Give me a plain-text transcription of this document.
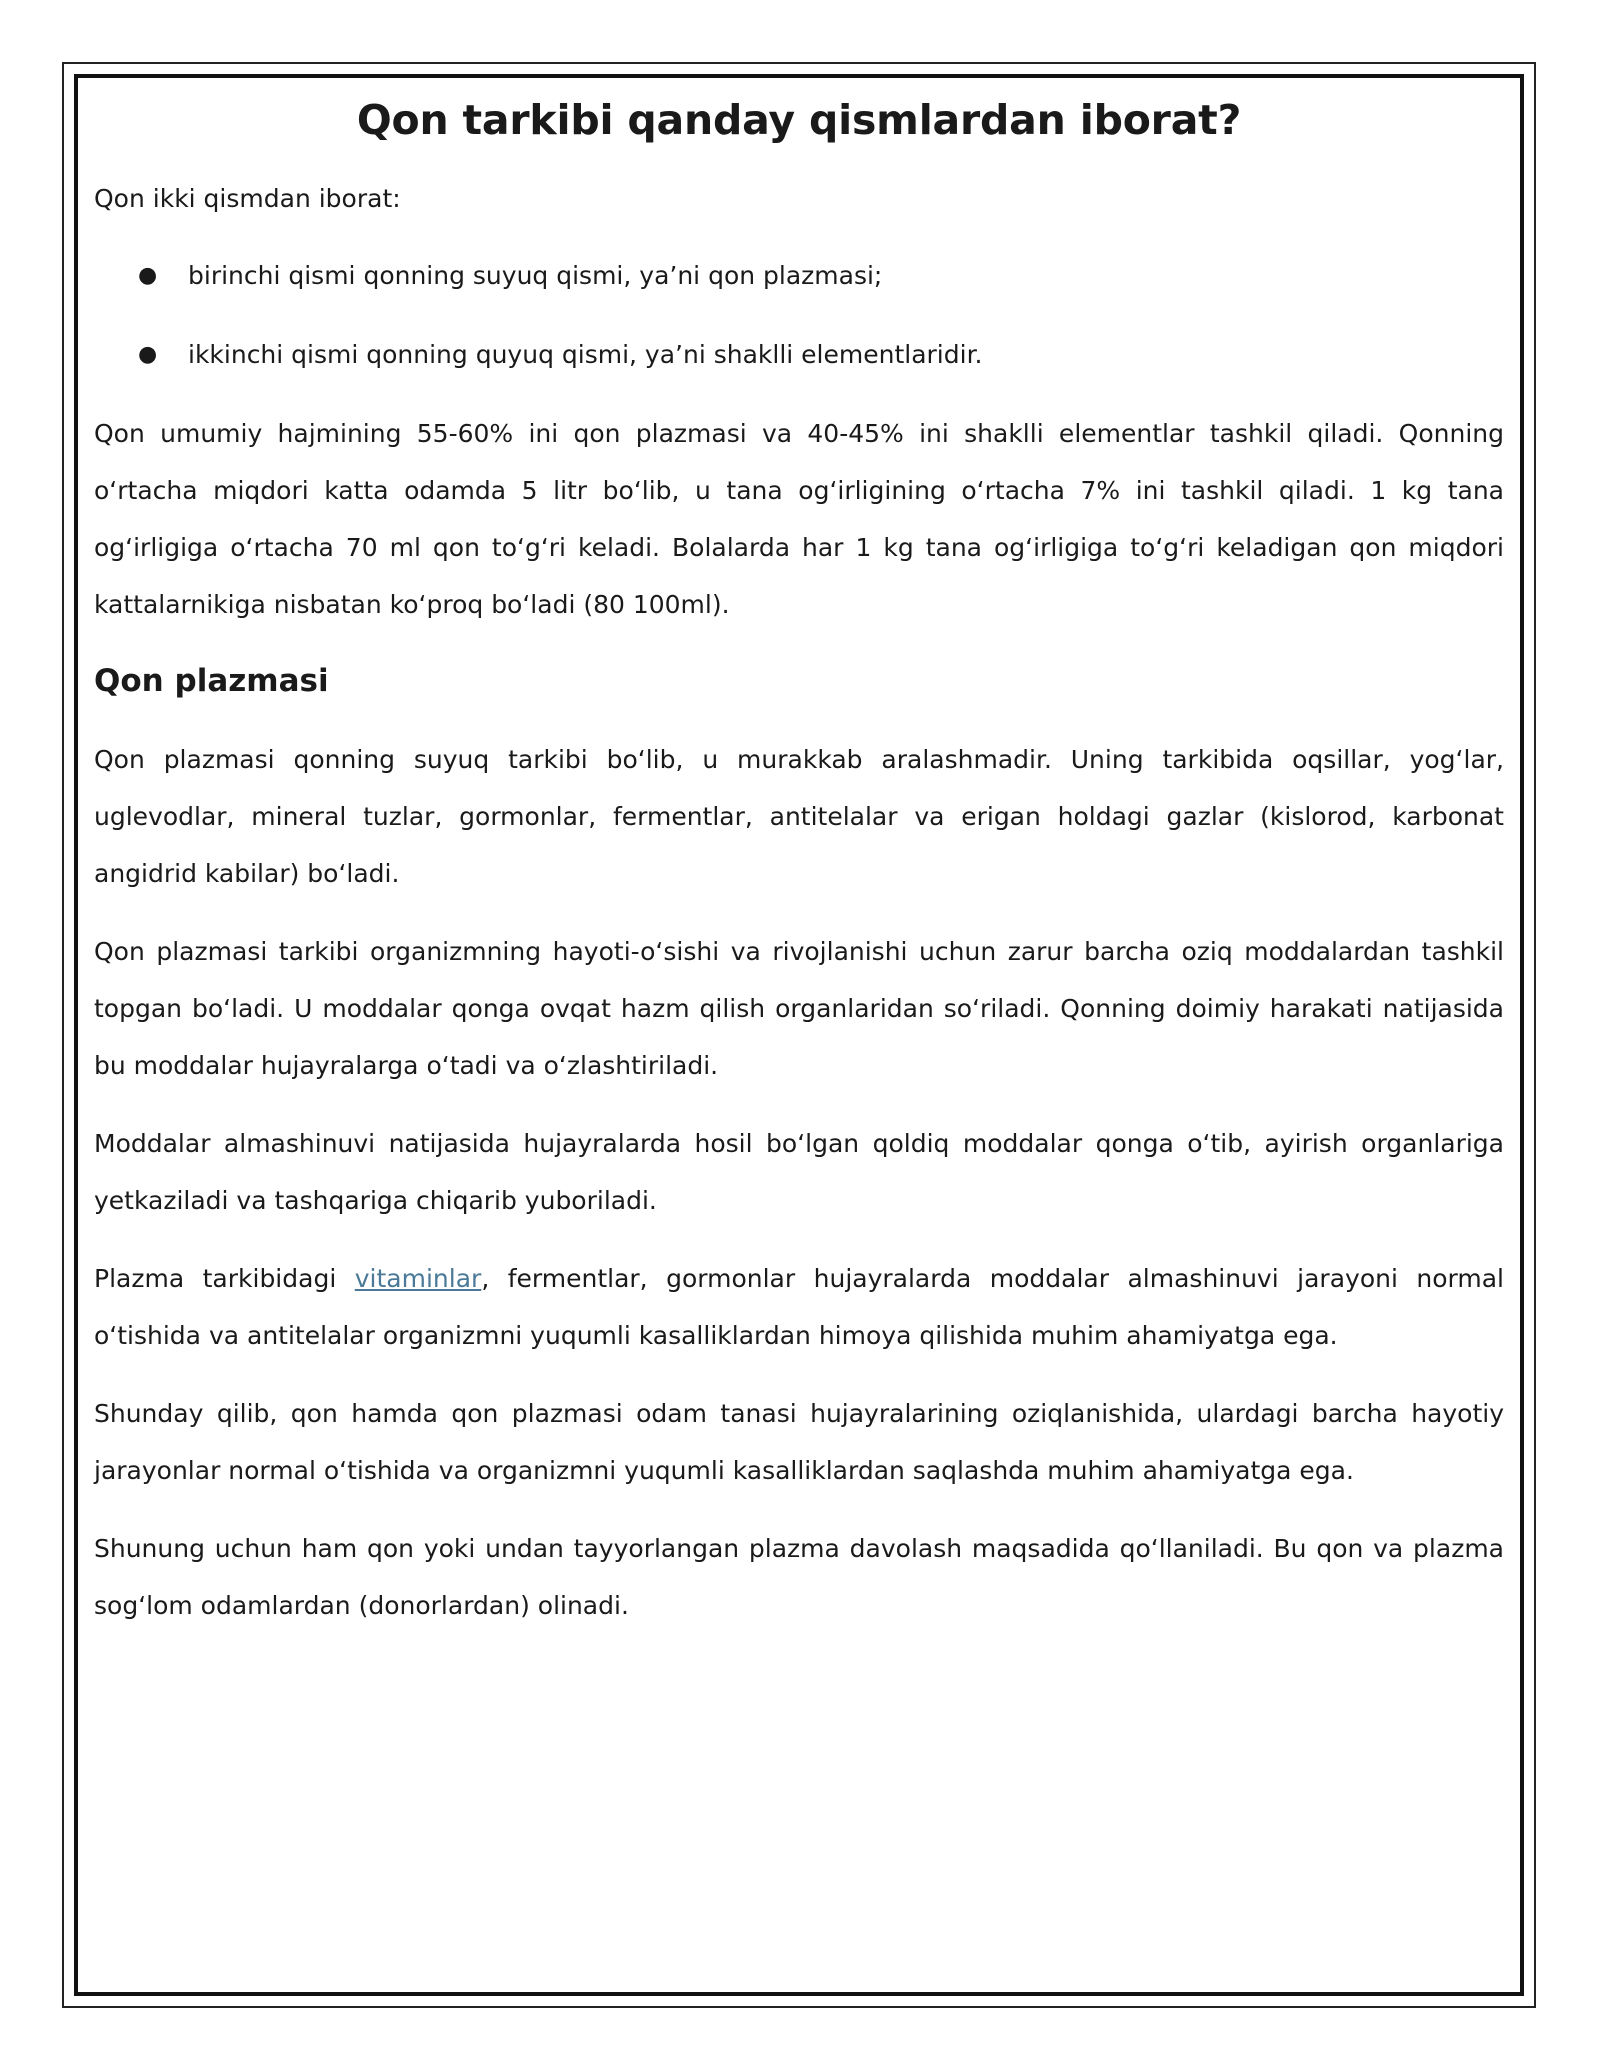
Qon tarkibi qanday qismlardan iborat?

Qon ikki qismdan iborat:

● birinchi qismi qonning suyuq qismi, ya’ni qon plazmasi;
● ikkinchi qismi qonning quyuq qismi, ya’ni shaklli elementlaridir.

Qon umumiy hajmining 55-60% ini qon plazmasi va 40-45% ini shaklli elementlar tashkil qiladi. Qonning o‘rtacha miqdori katta odamda 5 litr bo‘lib, u tana og‘irligining o‘rtacha 7% ini tashkil qiladi. 1 kg tana og‘irligiga o‘rtacha 70 ml qon to‘g‘ri keladi. Bolalarda har 1 kg tana og‘irligiga to‘g‘ri keladigan qon miqdori kattalarnikiga nisbatan ko‘proq bo‘ladi (80 100ml).

Qon plazmasi

Qon plazmasi qonning suyuq tarkibi bo‘lib, u murakkab aralashmadir. Uning tarkibida oqsillar, yog‘lar, uglevodlar, mineral tuzlar, gormonlar, fermentlar, antitelalar va erigan holdagi gazlar (kislorod, karbonat angidrid kabilar) bo‘ladi.

Qon plazmasi tarkibi organizmning hayoti-o‘sishi va rivojlanishi uchun zarur barcha oziq moddalardan tashkil topgan bo‘ladi. U moddalar qonga ovqat hazm qilish organlaridan so‘riladi. Qonning doimiy harakati natijasida bu moddalar hujayralarga o‘tadi va o‘zlashtiriladi.

Moddalar almashinuvi natijasida hujayralarda hosil bo‘lgan qoldiq moddalar qonga o‘tib, ayirish organlariga yetkaziladi va tashqariga chiqarib yuboriladi.

Plazma tarkibidagi vitaminlar, fermentlar, gormonlar hujayralarda moddalar almashinuvi jarayoni normal o‘tishida va antitelalar organizmni yuqumli kasalliklardan himoya qilishida muhim ahamiyatga ega.

Shunday qilib, qon hamda qon plazmasi odam tanasi hujayralarining oziqlanishida, ulardagi barcha hayotiy jarayonlar normal o‘tishida va organizmni yuqumli kasalliklardan saqlashda muhim ahamiyatga ega.

Shunung uchun ham qon yoki undan tayyorlangan plazma davolash maqsadida qo‘llaniladi. Bu qon va plazma sog‘lom odamlardan (donorlardan) olinadi.
